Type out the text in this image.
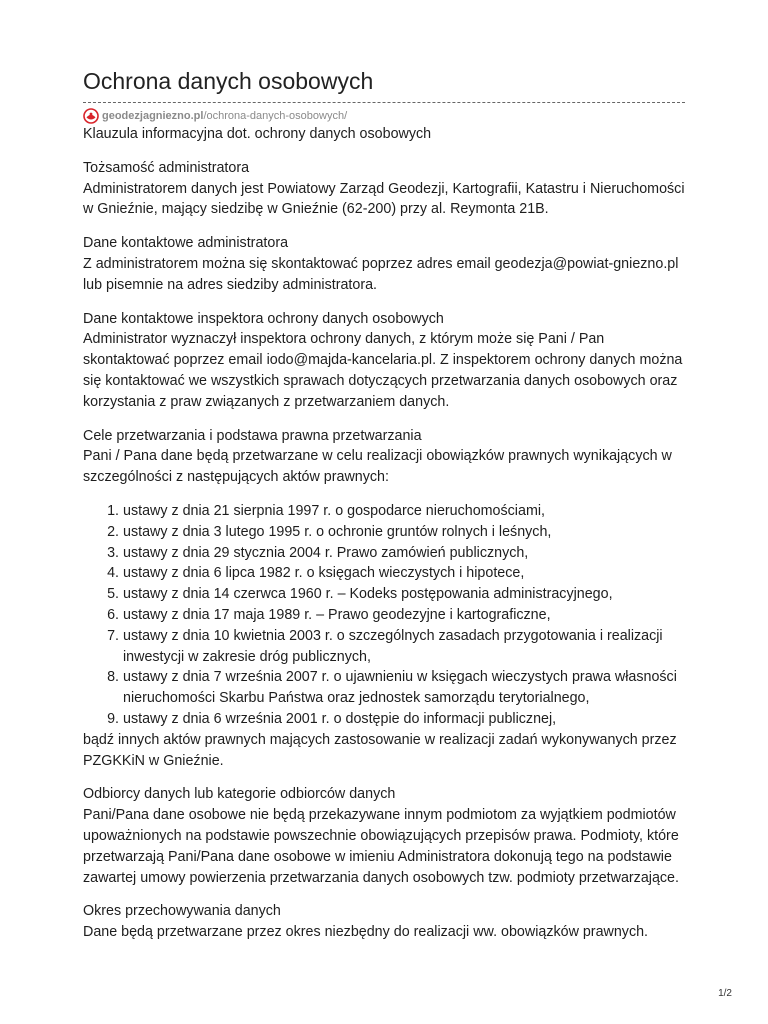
Ochrona danych osobowych
geodezjagniezno.pl /ochrona-danych-osobowych/

Klauzula informacyjna dot. ochrony danych osobowych

Tożsamość administratora

Administratorem danych jest Powiatowy Zarząd Geodezji, Kartografii, Katastru i Nieruchomości w Gnieźnie, mający siedzibę w Gnieźnie (62-200) przy al. Reymonta 21B.

Dane kontaktowe administratora

Z administratorem można się skontaktować poprzez adres email geodezja@powiat-gniezno.pl lub pisemnie na adres siedziby administratora.

Dane kontaktowe inspektora ochrony danych osobowych

Administrator wyznaczył inspektora ochrony danych, z którym może się Pani / Pan skontaktować poprzez email iodo@majda-kancelaria.pl. Z inspektorem ochrony danych można się kontaktować we wszystkich sprawach dotyczących przetwarzania danych osobowych oraz korzystania z praw związanych z przetwarzaniem danych.

Cele przetwarzania i podstawa prawna przetwarzania

Pani / Pana dane będą przetwarzane w celu realizacji obowiązków prawnych wynikających w szczególności z następujących aktów prawnych:

1. ustawy z dnia 21 sierpnia 1997 r. o gospodarce nieruchomościami,
2. ustawy z dnia 3 lutego 1995 r. o ochronie gruntów rolnych i leśnych,
3. ustawy z dnia 29 stycznia 2004 r. Prawo zamówień publicznych,
4. ustawy z dnia 6 lipca 1982 r. o księgach wieczystych i hipotece,
5. ustawy z dnia 14 czerwca 1960 r. – Kodeks postępowania administracyjnego,
6. ustawy z dnia 17 maja 1989 r. – Prawo geodezyjne i kartograficzne,
7. ustawy z dnia 10 kwietnia 2003 r. o szczególnych zasadach przygotowania i realizacji inwestycji w zakresie dróg publicznych,
8. ustawy z dnia 7 września 2007 r. o ujawnieniu w księgach wieczystych prawa własności nieruchomości Skarbu Państwa oraz jednostek samorządu terytorialnego,
9. ustawy z dnia 6 września 2001 r. o dostępie do informacji publicznej,

bądź innych aktów prawnych mających zastosowanie w realizacji zadań wykonywanych przez PZGKKiN w Gnieźnie.

Odbiorcy danych lub kategorie odbiorców danych

Pani/Pana dane osobowe nie będą przekazywane innym podmiotom za wyjątkiem podmiotów upoważnionych na podstawie powszechnie obowiązujących przepisów prawa. Podmioty, które przetwarzają Pani/Pana dane osobowe w imieniu Administratora dokonują tego na podstawie zawartej umowy powierzenia przetwarzania danych osobowych tzw. podmioty przetwarzające.

Okres przechowywania danych

Dane będą przetwarzane przez okres niezbędny do realizacji ww. obowiązków prawnych.

1/2
